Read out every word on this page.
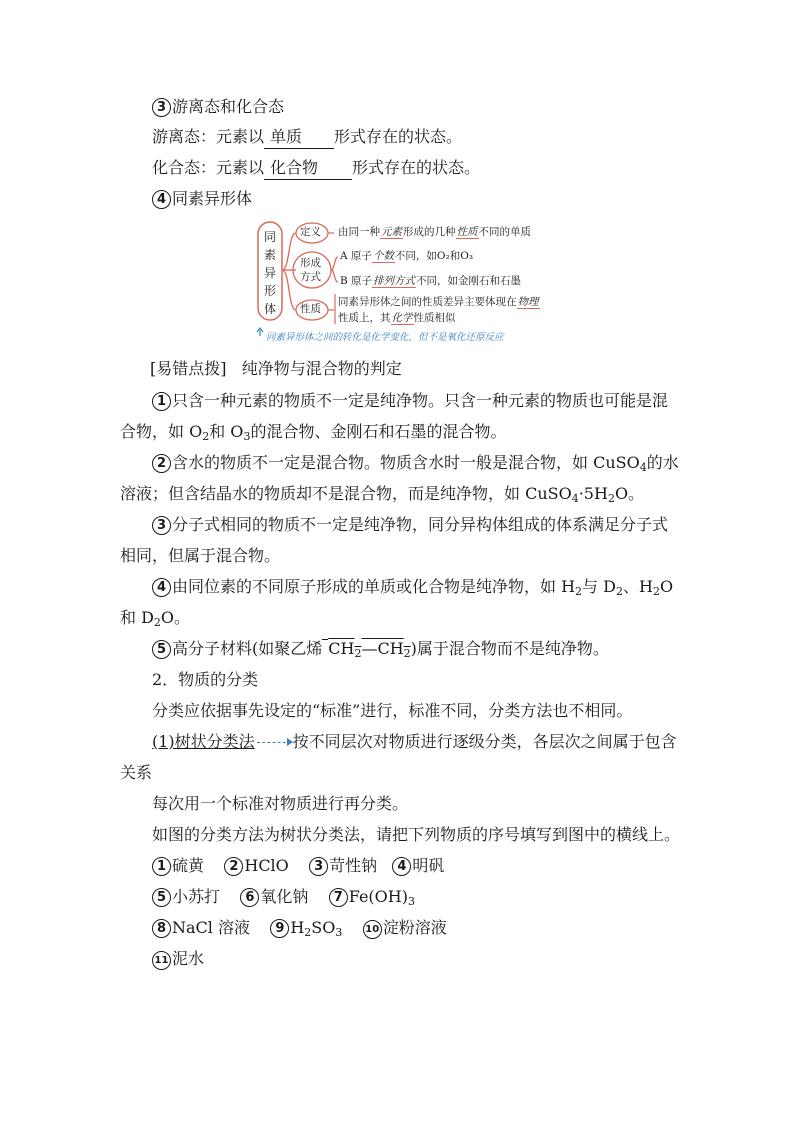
3 游离态和化合态
游离态：元素以 单质 形式存在的状态。
化合态：元素以 化合物 形式存在的状态。
4 同素异形体
同
素
异
形
体
定义 由同一种元素形成的几种性质不同的单质
形成
方式
A 原子个数不同，如O₂和O₃
B 原子排列方式不同，如金刚石和石墨
性质
同素异形体之间的性质差异主要体现在物理
性质上，其化学性质相似
同素异形体之间的转化是化学变化，但不是氧化还原反应
[易错点拨] 纯净物与混合物的判定
1 只含一种元素的物质不一定是纯净物。只含一种元素的物质也可能是混
合物，如 $O_2$和 $O_3$的混合物、金刚石和石墨的混合物。
2 含水的物质不一定是混合物。物质含水时一般是混合物，如 CuSO$_4$的水
溶液；但含结晶水的物质却不是混合物，而是纯净物，如 $CuSO_4\cdot 5H_2O$。
3 分子式相同的物质不一定是纯净物，同分异构体组成的体系满足分子式
相同，但属于混合物。
4 由同位素的不同原子形成的单质或化合物是纯净物，如 $H_2$与 $D_2$、$H_2O$
和 $D_2O$。
5 高分子材料(如聚乙烯 $CH_2—CH_2$)属于混合物而不是纯净物。
2．物质的分类
分类应依据事先设定的“标准”进行，标准不同，分类方法也不相同。
(1)树状分类法 按不同层次对物质进行逐级分类，各层次之间属于包含
关系
每次用一个标准对物质进行再分类。
如图的分类方法为树状分类法，请把下列物质的序号填写到图中的横线上。
1 硫黄 2 HClO 3 苛性钠 4 明矾
5 小苏打 6 氧化钠 7 $Fe(OH)_3$
8 NaCl 溶液 9 $H_2SO_3$ 10 淀粉溶液
11 泥水
